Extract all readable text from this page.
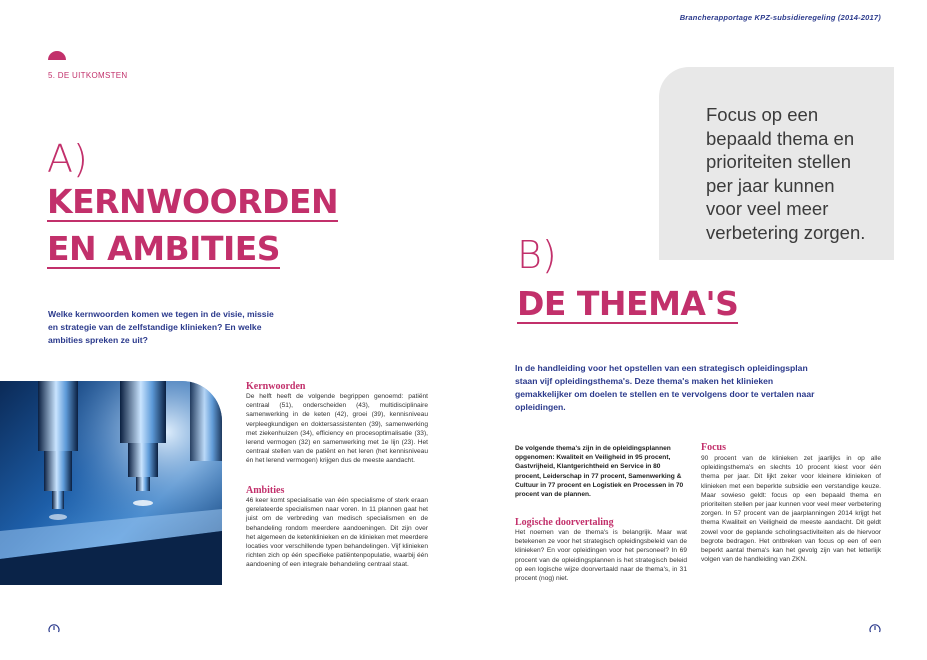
Brancherapportage KPZ-subsidieregeling (2014-2017)
5. DE UITKOMSTEN
A)
KERNWOORDEN
EN AMBITIES
Welke kernwoorden komen we tegen in de visie, missie en strategie van de zelfstandige klinieken? En welke ambities spreken ze uit?
Kernwoorden
De helft heeft de volgende begrippen genoemd: patiënt centraal (51), onderscheiden (43), multidisciplinaire samenwerking in de keten (42), groei (39), kennisniveau verpleegkundigen en doktersassistenten (39), samenwerking met ziekenhuizen (34), efficiency en procesoptimalisatie (33), lerend vermogen (32) en samenwerking met 1e lijn (23). Het centraal stellen van de patiënt en het leren (het kennisniveau én het lerend vermogen) krijgen dus de meeste aandacht.
Ambities
46 keer komt specialisatie van één specialisme of sterk eraan gerelateerde specialismen naar voren. In 11 plannen gaat het juist om de verbreding van medisch specialismen en de behandeling rondom meerdere aandoeningen. Dit zijn over het algemeen de ketenklinieken en de klinieken met meerdere locaties voor verschillende typen behandelingen. Vijf klinieken richten zich op één specifieke patiëntenpopulatie, waarbij één aandoening of een integrale behandeling centraal staat.
Focus op een bepaald thema en prioriteiten stellen per jaar kunnen voor veel meer verbetering zorgen.
B)
DE THEMA'S
In de handleiding voor het opstellen van een strategisch opleidingsplan staan vijf opleidingsthema's. Deze thema's maken het klinieken gemakkelijker om doelen te stellen en te vervolgens door te vertalen naar opleidingen.
De volgende thema's zijn in de opleidingsplannen opgenomen: Kwaliteit en Veiligheid in 95 procent, Gastvrijheid, Klantgerichtheid en Service in 80 procent, Leiderschap in 77 procent, Samenwerking & Cultuur in 77 procent en Logistiek en Processen in 70 procent van de plannen.
Logische doorvertaling
Het noemen van de thema's is belangrijk. Maar wat betekenen ze voor het strategisch opleidingsbeleid van de klinieken? En voor opleidingen voor het personeel? In 69 procent van de opleidingsplannen is het strategisch beleid op een logische wijze doorvertaald naar de thema's, in 31 procent (nog) niet.
Focus
90 procent van de klinieken zet jaarlijks in op alle opleidingsthema's en slechts 10 procent kiest voor één thema per jaar. Dit lijkt zeker voor kleinere klinieken of klinieken met een beperkte subsidie een verstandige keuze. Maar sowieso geldt: focus op een bepaald thema en prioriteiten stellen per jaar kunnen voor veel meer verbetering zorgen. In 57 procent van de jaarplanningen 2014 krijgt het thema Kwaliteit en Veiligheid de meeste aandacht. Dit geldt zowel voor de geplande scholingsactiviteiten als de hiervoor begrote bedragen. Het ontbreken van focus op een of een beperkt aantal thema's kan het gevolg zijn van het letterlijk volgen van de handleiding van ZKN.
